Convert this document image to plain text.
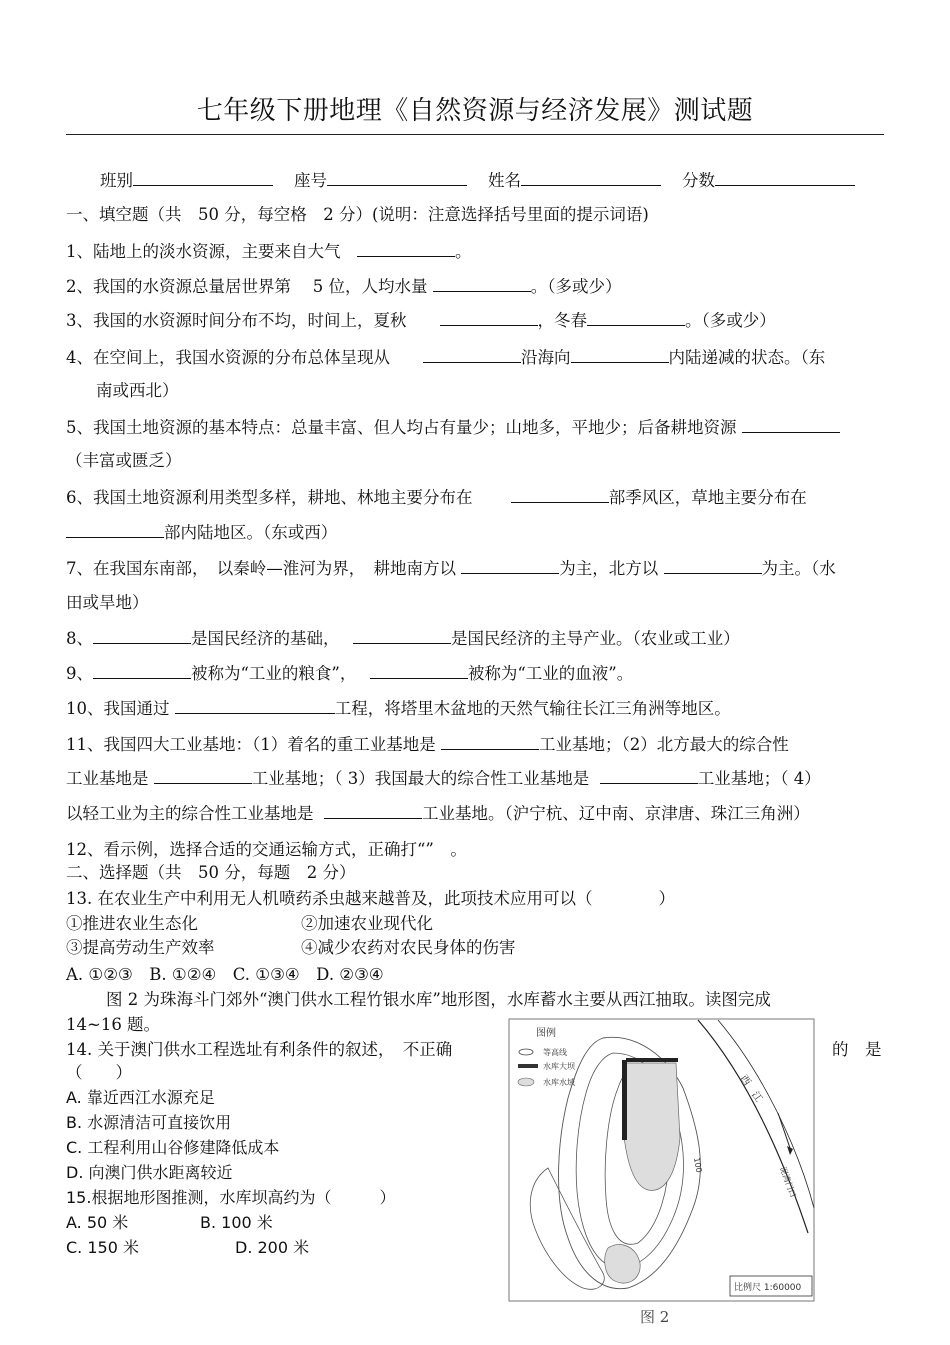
七年级下册地理《自然资源与经济发展》测试题
班别	座号	姓名	分数
一、填空题（共　50 分，每空格　2 分）(说明：注意选择括号里面的提示词语)
1、陆地上的淡水资源，主要来自大气　	。
2、我国的水资源总量居世界第　 5 位，人均水量	。（多或少）
3、我国的水资源时间分布不均，时间上，夏秋　　	，冬春	。（多或少）
4、在空间上，我国水资源的分布总体呈现从　　	沿海向	内陆递减的状态。（东
南或西北）
5、我国土地资源的基本特点：总量丰富、但人均占有量少；山地多，平地少；后备耕地资源
（丰富或匮乏）
6、我国土地资源利用类型多样，耕地、林地主要分布在　　	部季风区，草地主要分布在
部内陆地区。（东或西）
7、在我国东南部，　以秦岭—淮河为界，　耕地南方以	为主，北方以	为主。（水
田或旱地）
8、	是国民经济的基础，　	是国民经济的主导产业。（农业或工业）
9、	被称为“工业的粮食”，　	被称为“工业的血液”。
10、我国通过	工程，将塔里木盆地的天然气输往长江三角洲等地区。
11、我国四大工业基地：（1）着名的重工业基地是	工业基地；（2）北方最大的综合性
工业基地是	工业基地；（ 3）我国最大的综合性工业基地是	工业基地；（ 4）
以轻工业为主的综合性工业基地是	工业基地。（沪宁杭、辽中南、京津唐、珠江三角洲）
12、看示例，选择合适的交通运输方式，正确打“”　。
二、选择题（共　50 分，每题　2 分）
13. 在农业生产中利用无人机喷药杀虫越来越普及，此项技术应用可以（　　　　）
①推进农业生态化	②加速农业现代化
③提高劳动生产效率	④减少农药对农民身体的伤害
A. ①②③　B. ①②④　C. ①③④　D. ②③④
图 2 为珠海斗门郊外“澳门供水工程竹银水库”地形图，水库蓄水主要从西江抽取。读图完成
14~16 题。
14. 关于澳门供水工程选址有利条件的叙述，　不正确	的　是
（　　）
A. 靠近西江水源充足
B. 水源清洁可直接饮用
C. 工程利用山谷修建降低成本
D. 向澳门供水距离较近
15.根据地形图推测，水库坝高约为（　　　）
A. 50 米	B. 100 米
C. 150 米	D. 200 米
图例
等高线
水库大坝
水库水域	西　江
泥湾门口
100
比例尺 1:60000
图 2
